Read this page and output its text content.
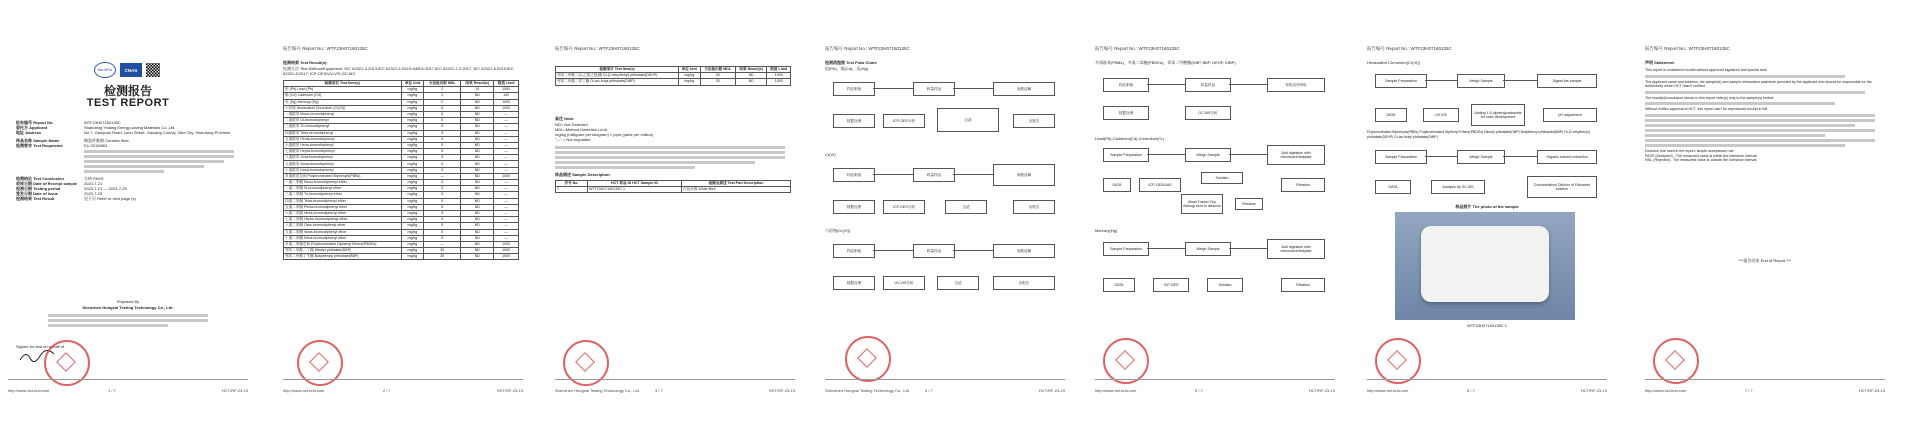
ilac-MRA	CNAS
检测报告
TEST REPORT
报告编号 Report No.	WTF23H07160135C
委托方 Applicant	Shandong Yixiang Energy-saving Materials Co.,Ltd.
地址 Address	No.7, Gaoyuan Road, Luhu Street, Gaoqing County, Zibo City, Shandong Province
样品名称 Sample Name	陶瓷纤维棉 Ceramic fiber
检测要求 Test Requested	EU 2015/863
检测结论 Test Conclusion	合格 PASS
收样日期 Date of Receipt sample	2023-7-21
检测日期 Testing period	2023-7-21 — 2023-7-25
签发日期 Date of issue	2023-7-25
检测结果 Test Result	见下页 Refer to next page (s)
Prepared By
Shenzhen Hongcai Testing Technology Co., Ltd.
Signed for and on behalf of
http://www.hct-test.com	1 / 7	HCT/RF-23-19
报告编号 Report No.: WTF23H07160135C
检测结果 Test Result(s):
检测方法 Test Method/Equipment: IEC 62321-3-2013,IEC 62321-4:2013+AMD1:2017,IEC 62321-7-2:2017, IEC 62321-6:2015,IEC 62321-8:2017; ICP-OES/UV-VIS,GC-MS
检测项目 Test Item(s)	单位 Unit	方法检出限 MDL	结果 Result(s)	限值 Limit
铅 (Pb) Lead (Pb)	mg/kg	2	10	1000
镉 (Cd) Cadmium (Cd)	mg/kg	2	ND	100
汞 (Hg) Mercury (Hg)	mg/kg	2	ND	1000
六价铬 Hexavalent Chromium (Cr(VI))	mg/kg	8	ND	1000
一溴联苯 Mono-bromobiphenyl	mg/kg	5	ND	—
二溴联苯 Di-bromobiphenyl	mg/kg	5	ND	—
三溴联苯 Tri-bromobiphenyl	mg/kg	5	ND	—
四溴联苯 Tetra-bromobiphenyl	mg/kg	5	ND	—
五溴联苯 Penta-bromobiphenyl	mg/kg	5	ND	—
六溴联苯 Hexa-bromobiphenyl	mg/kg	5	ND	—
七溴联苯 Hepta-bromobiphenyl	mg/kg	5	ND	—
八溴联苯 Octa-bromobiphenyl	mg/kg	5	ND	—
九溴联苯 Nona-bromobiphenyl	mg/kg	5	ND	—
十溴联苯 Deca-bromobiphenyl	mg/kg	5	ND	—
多溴联苯总和 Polybrominated Biphenyls(PBBs)	mg/kg	—	ND	1000
一溴二苯醚 Mono-bromodiphenyl ether	mg/kg	5	ND	—
二溴二苯醚 Di-bromodiphenyl ether	mg/kg	5	ND	—
三溴二苯醚 Tri-bromodiphenyl ether	mg/kg	5	ND	—
四溴二苯醚 Tetra-bromodiphenyl ether	mg/kg	5	ND	—
五溴二苯醚 Penta-bromodiphenyl ether	mg/kg	5	ND	—
六溴二苯醚 Hexa-bromodiphenyl ether	mg/kg	5	ND	—
七溴二苯醚 Hepta-bromodiphenyl ether	mg/kg	5	ND	—
八溴二苯醚 Octa-bromodiphenyl ether	mg/kg	5	ND	—
九溴二苯醚 Nona-bromodiphenyl ether	mg/kg	5	ND	—
十溴二苯醚 Deca-bromodiphenyl ether	mg/kg	5	ND	—
多溴二苯醚总和 Polybrominated Diphenyl Ethers(PBDEs)	mg/kg	—	ND	1000
邻苯二甲酸二丁酯 Dibutyl phthalate(DBP)	mg/kg	30	ND	1000
邻苯二甲酸丁苄酯 Butylbenzyl phthalate(BBP)	mg/kg	30	ND	1000
http://www.hct-test.com	2 / 7	HCT/RF-23-19
报告编号 Report No.: WTF23H07160135C
检测项目 Test Item(s)	单位 Unit	方法检出限 MDL	结果 Result(s)	限值 Limit
邻苯二甲酸二(2-乙基己基)酯 Di-(2-ethylhexyl) phthalate(DEHP)	mg/kg	30	ND	1000
邻苯二甲酸二异丁酯 Di-iso-butyl phthalate(DIBP)	mg/kg	30	ND	1000
备注 Note:
ND= Not Detected
MDL=Method Detection Limit
mg/kg (milligram per kilogram) = ppm (parts per million)
"—" = Not regulated
样品描述 Sample Description:
序号 No.	HCT 样品 ID HCT Sample ID	检测点描述 Test Part Description
1	WTF23H07160135C.1	白色纤维 White fibre
Shenzhen Hongcai Testing Technology Co., Ltd.	3 / 7	HCT/RF-23-19
报告编号 Report No.: WTF23H07160135C
检测流程图 Test Flow Chart:
铅(Pb)、镉(Cd)、汞(Hg)
样品制备	称量样品	用酸溶解
数据处理	ICP-OES分析	过滤	出报告
Cr(VI)
样品制备	称量样品	用酸溶解
数据处理	ICP-OES分析	过滤	出报告
六价铬(Cr(VI))
样品制备	称量样品	用酸溶解
数据处理	UV-VIS分析	过滤	出报告
Shenzhen Hongcai Testing Technology Co., Ltd.	4 / 7	HCT/RF-23-19
报告编号 Report No.: WTF23H07160135C
多溴联苯(PBBs)、多溴二苯醚(PBDEs)、邻苯二甲酸酯(DBP, BBP, DEHP, DIBP)
样品制备	称量样品	有机溶剂萃取
数据处理	GC-MS分析
Lead(Pb),Cadmium(Cd),Chromium(Cr)
Sample Preparation	Weigh Sample	Add digestion with microwave/hotplate
DATA	ICP-OES/AAS
Solution
Filtration
Alkali Fusion/ Dry Ashing/ Acid to dissolve	Residue
Mercury(Hg)
Sample Preparation	Weigh Sample	Add digestion with microwave/hotplate
DATA	ICP-OES	Solution	Filtration
http://www.hct-test.com	5 / 7	HCT/RF-23-19
报告编号 Report No.: WTF23H07160135C
Hexavalent Chromium(Cr(VI))
Sample Preparation	Weigh Sample	Digest the sample
DATA	UV-VIS	Adding 1,5-diphenylcarbazide for color development	pH adjustment
Polybrominated Biphenyls(PBBs) Polybrominated Diphenyl Ethers(PBDEs) Dibutyl phthalate(DBP) Butylbenzyl phthalate(BBP) Di-(2-ethylhexyl) phthalate(DEHP) Di-iso-butyl phthalate(DIBP)
Sample Preparation	Weigh Sample	Organic solvent extraction
DATA	Analysis by GC-MS	Concentration/ Dilution of Extracted solution
样品照片 The photo of the sample
WTF23H07160135C.1
http://www.hct-test.com	6 / 7	HCT/RF-23-19
报告编号 Report No.: WTF23H07160135C
声明 Statement:
This report is considered invalid without approved signature and special seal.
The Applicant name and Address, the sample(s) and sample information was/were provided by the applicant who should be responsible for the authenticity which HCT hasn't verified.
The result(s)/conclusion shown in this report refer(s) only to the sample(s) tested.
Without written approval of HCT, this report can't be reproduced except in full.
Decision rule used in the report: simple acceptance rule.
PASS (Accepted) - The measured value is within the tolerance interval.
FAIL (Rejected) - The measured value is outside the tolerance interval.
***报告结束 End of Report ***
http://www.hct-test.com	7 / 7	HCT/RF-23-19
